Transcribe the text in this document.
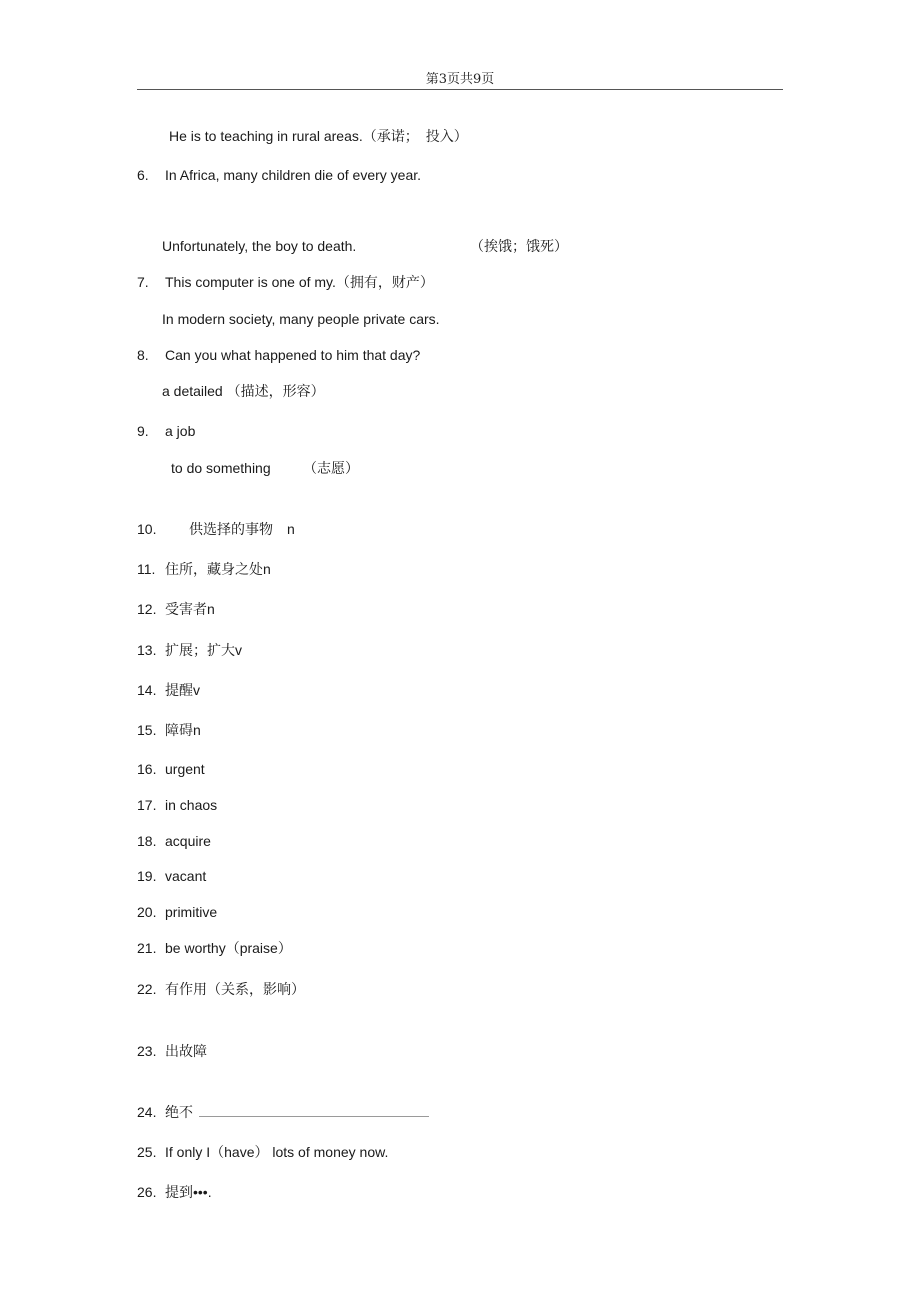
第3页共9页
He is to teaching in rural areas.（承诺；　投入）
6. In Africa, many children die of every year.
Unfortunately, the boy to death.	（挨饿；饿死）
7. This computer is one of my.（拥有，财产）
In modern society, many people private cars.
8. Can you what happened to him that day?
a detailed （描述，形容）
9. a job
to do something （志愿）
10. 供选择的事物　n
11. 住所，藏身之处n
12. 受害者n
13. 扩展；扩大v
14. 提醒v
15. 障碍n
16. urgent
17. in chaos
18. acquire
19. vacant
20. primitive
21. be worthy（praise）
22. 有作用（关系，影响）
23. 出故障
24. 绝不
25. If only I（have） lots of money now.
26. 提到•••.
